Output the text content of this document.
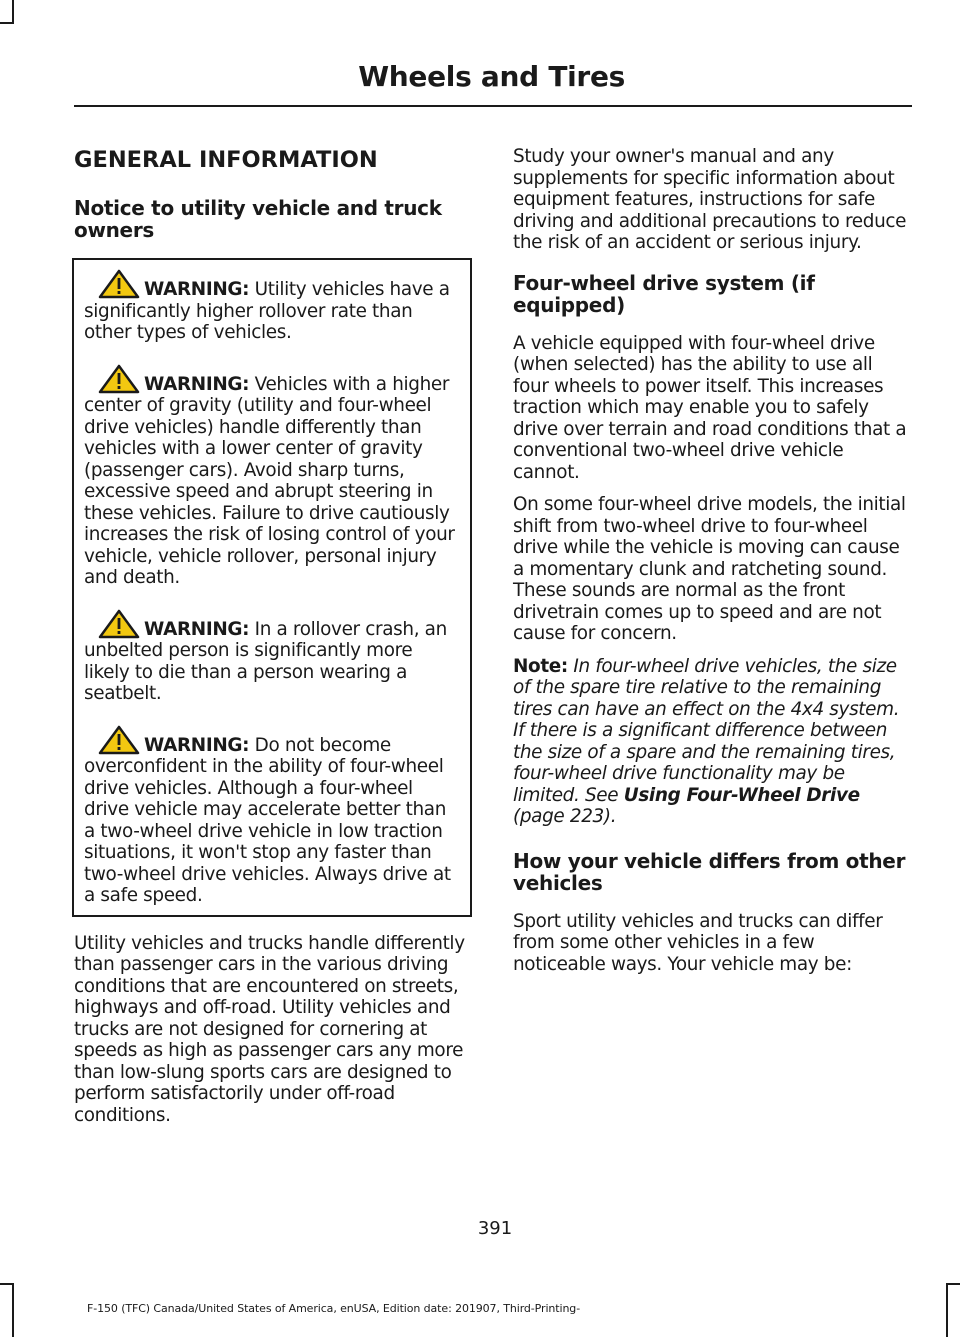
Wheels and Tires
GENERAL INFORMATION
Notice to utility vehicle and truck owners
WARNING: Utility vehicles have a significantly higher rollover rate than other types of vehicles.
WARNING: Vehicles with a higher center of gravity (utility and four-wheel drive vehicles) handle differently than vehicles with a lower center of gravity (passenger cars). Avoid sharp turns, excessive speed and abrupt steering in these vehicles. Failure to drive cautiously increases the risk of losing control of your vehicle, vehicle rollover, personal injury and death.
WARNING: In a rollover crash, an unbelted person is significantly more likely to die than a person wearing a seatbelt.
WARNING: Do not become overconfident in the ability of four-wheel drive vehicles. Although a four-wheel drive vehicle may accelerate better than a two-wheel drive vehicle in low traction situations, it won't stop any faster than two-wheel drive vehicles. Always drive at a safe speed.

Utility vehicles and trucks handle differently than passenger cars in the various driving conditions that are encountered on streets, highways and off-road. Utility vehicles and trucks are not designed for cornering at speeds as high as passenger cars any more than low-slung sports cars are designed to perform satisfactorily under off-road conditions.

Study your owner's manual and any supplements for specific information about equipment features, instructions for safe driving and additional precautions to reduce the risk of an accident or serious injury.

Four-wheel drive system (if equipped)

A vehicle equipped with four-wheel drive (when selected) has the ability to use all four wheels to power itself. This increases traction which may enable you to safely drive over terrain and road conditions that a conventional two-wheel drive vehicle cannot.

On some four-wheel drive models, the initial shift from two-wheel drive to four-wheel drive while the vehicle is moving can cause a momentary clunk and ratcheting sound. These sounds are normal as the front drivetrain comes up to speed and are not cause for concern.

Note: In four-wheel drive vehicles, the size of the spare tire relative to the remaining tires can have an effect on the 4x4 system. If there is a significant difference between the size of a spare and the remaining tires, four-wheel drive functionality may be limited. See Using Four-Wheel Drive (page 223).

How your vehicle differs from other vehicles

Sport utility vehicles and trucks can differ from some other vehicles in a few noticeable ways. Your vehicle may be:

391
F-150 (TFC) Canada/United States of America, enUSA, Edition date: 201907, Third-Printing-
